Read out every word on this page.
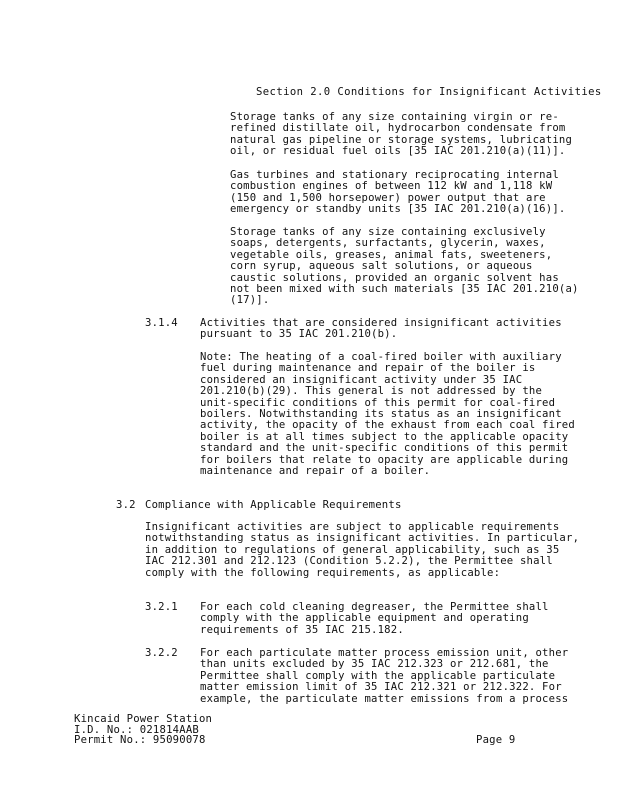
Section 2.0 Conditions for Insignificant Activities

Storage tanks of any size containing virgin or re-refined distillate oil, hydrocarbon condensate from natural gas pipeline or storage systems, lubricating oil, or residual fuel oils [35 IAC 201.210(a)(11)].

Gas turbines and stationary reciprocating internal combustion engines of between 112 kW and 1,118 kW (150 and 1,500 horsepower) power output that are emergency or standby units [35 IAC 201.210(a)(16)].

Storage tanks of any size containing exclusively soaps, detergents, surfactants, glycerin, waxes, vegetable oils, greases, animal fats, sweeteners, corn syrup, aqueous salt solutions, or aqueous caustic solutions, provided an organic solvent has not been mixed with such materials [35 IAC 201.210(a)(17)].

3.1.4 Activities that are considered insignificant activities pursuant to 35 IAC 201.210(b).

Note: The heating of a coal-fired boiler with auxiliary fuel during maintenance and repair of the boiler is considered an insignificant activity under 35 IAC 201.210(b)(29). This general is not addressed by the unit-specific conditions of this permit for coal-fired boilers. Notwithstanding its status as an insignificant activity, the opacity of the exhaust from each coal fired boiler is at all times subject to the applicable opacity standard and the unit-specific conditions of this permit for boilers that relate to opacity are applicable during maintenance and repair of a boiler.

3.2 Compliance with Applicable Requirements

Insignificant activities are subject to applicable requirements notwithstanding status as insignificant activities. In particular, in addition to regulations of general applicability, such as 35 IAC 212.301 and 212.123 (Condition 5.2.2), the Permittee shall comply with the following requirements, as applicable:

3.2.1 For each cold cleaning degreaser, the Permittee shall comply with the applicable equipment and operating requirements of 35 IAC 215.182.

3.2.2 For each particulate matter process emission unit, other than units excluded by 35 IAC 212.323 or 212.681, the Permittee shall comply with the applicable particulate matter emission limit of 35 IAC 212.321 or 212.322. For example, the particulate matter emissions from a process

Kincaid Power Station
I.D. No.: 021814AAB
Permit No.: 95090078	Page 9
